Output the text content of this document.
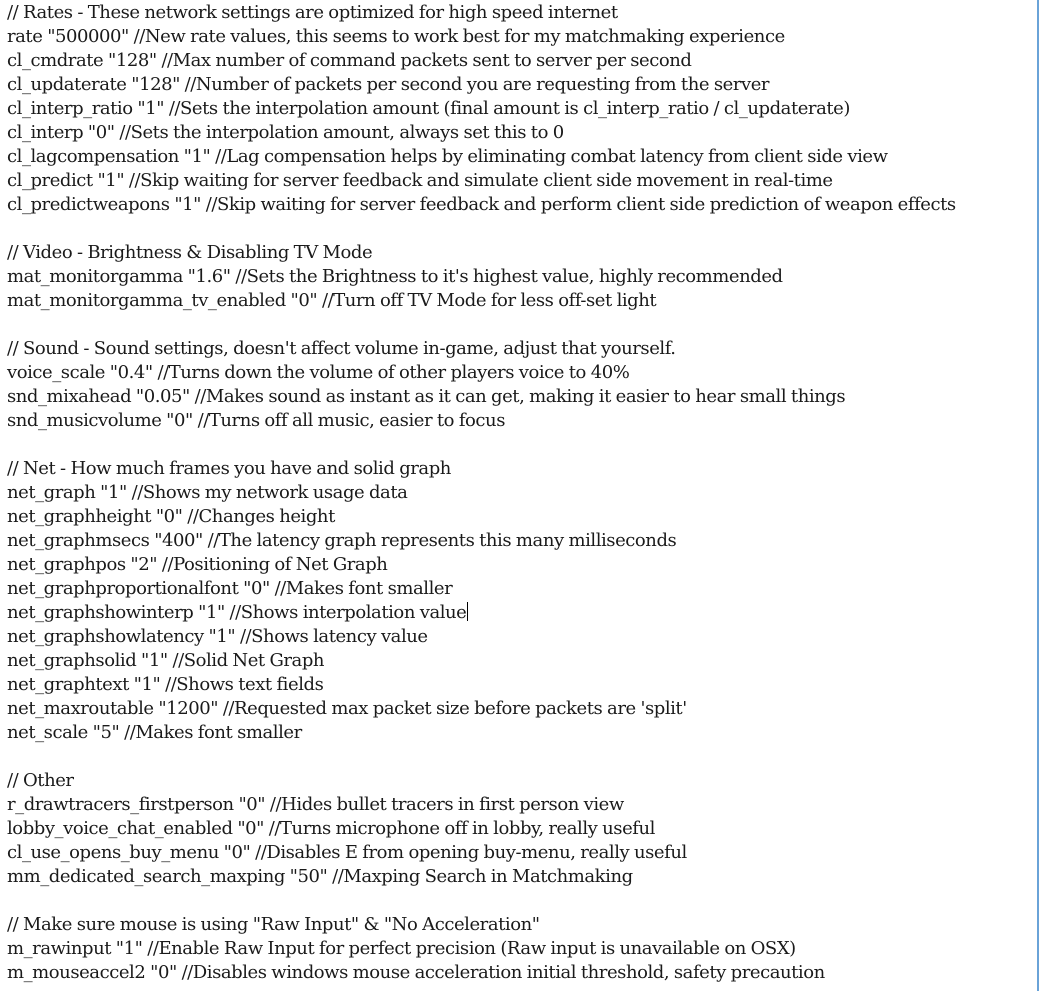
// Rates - These network settings are optimized for high speed internet
rate "500000" //New rate values, this seems to work best for my matchmaking experience
cl_cmdrate "128" //Max number of command packets sent to server per second
cl_updaterate "128" //Number of packets per second you are requesting from the server
cl_interp_ratio "1" //Sets the interpolation amount (final amount is cl_interp_ratio / cl_updaterate)
cl_interp "0" //Sets the interpolation amount, always set this to 0
cl_lagcompensation "1" //Lag compensation helps by eliminating combat latency from client side view
cl_predict "1" //Skip waiting for server feedback and simulate client side movement in real-time
cl_predictweapons "1" //Skip waiting for server feedback and perform client side prediction of weapon effects
// Video - Brightness & Disabling TV Mode
mat_monitorgamma "1.6" //Sets the Brightness to it's highest value, highly recommended
mat_monitorgamma_tv_enabled "0" //Turn off TV Mode for less off-set light
// Sound - Sound settings, doesn't affect volume in-game, adjust that yourself.
voice_scale "0.4" //Turns down the volume of other players voice to 40%
snd_mixahead "0.05" //Makes sound as instant as it can get, making it easier to hear small things
snd_musicvolume "0" //Turns off all music, easier to focus
// Net - How much frames you have and solid graph
net_graph "1" //Shows my network usage data
net_graphheight "0" //Changes height
net_graphmsecs "400" //The latency graph represents this many milliseconds
net_graphpos "2" //Positioning of Net Graph
net_graphproportionalfont "0" //Makes font smaller
net_graphshowinterp "1" //Shows interpolation value
net_graphshowlatency "1" //Shows latency value
net_graphsolid "1" //Solid Net Graph
net_graphtext "1" //Shows text fields
net_maxroutable "1200" //Requested max packet size before packets are 'split'
net_scale "5" //Makes font smaller
// Other
r_drawtracers_firstperson "0" //Hides bullet tracers in first person view
lobby_voice_chat_enabled "0" //Turns microphone off in lobby, really useful
cl_use_opens_buy_menu "0" //Disables E from opening buy-menu, really useful
mm_dedicated_search_maxping "50" //Maxping Search in Matchmaking
// Make sure mouse is using "Raw Input" & "No Acceleration"
m_rawinput "1" //Enable Raw Input for perfect precision (Raw input is unavailable on OSX)
m_mouseaccel2 "0" //Disables windows mouse acceleration initial threshold, safety precaution
